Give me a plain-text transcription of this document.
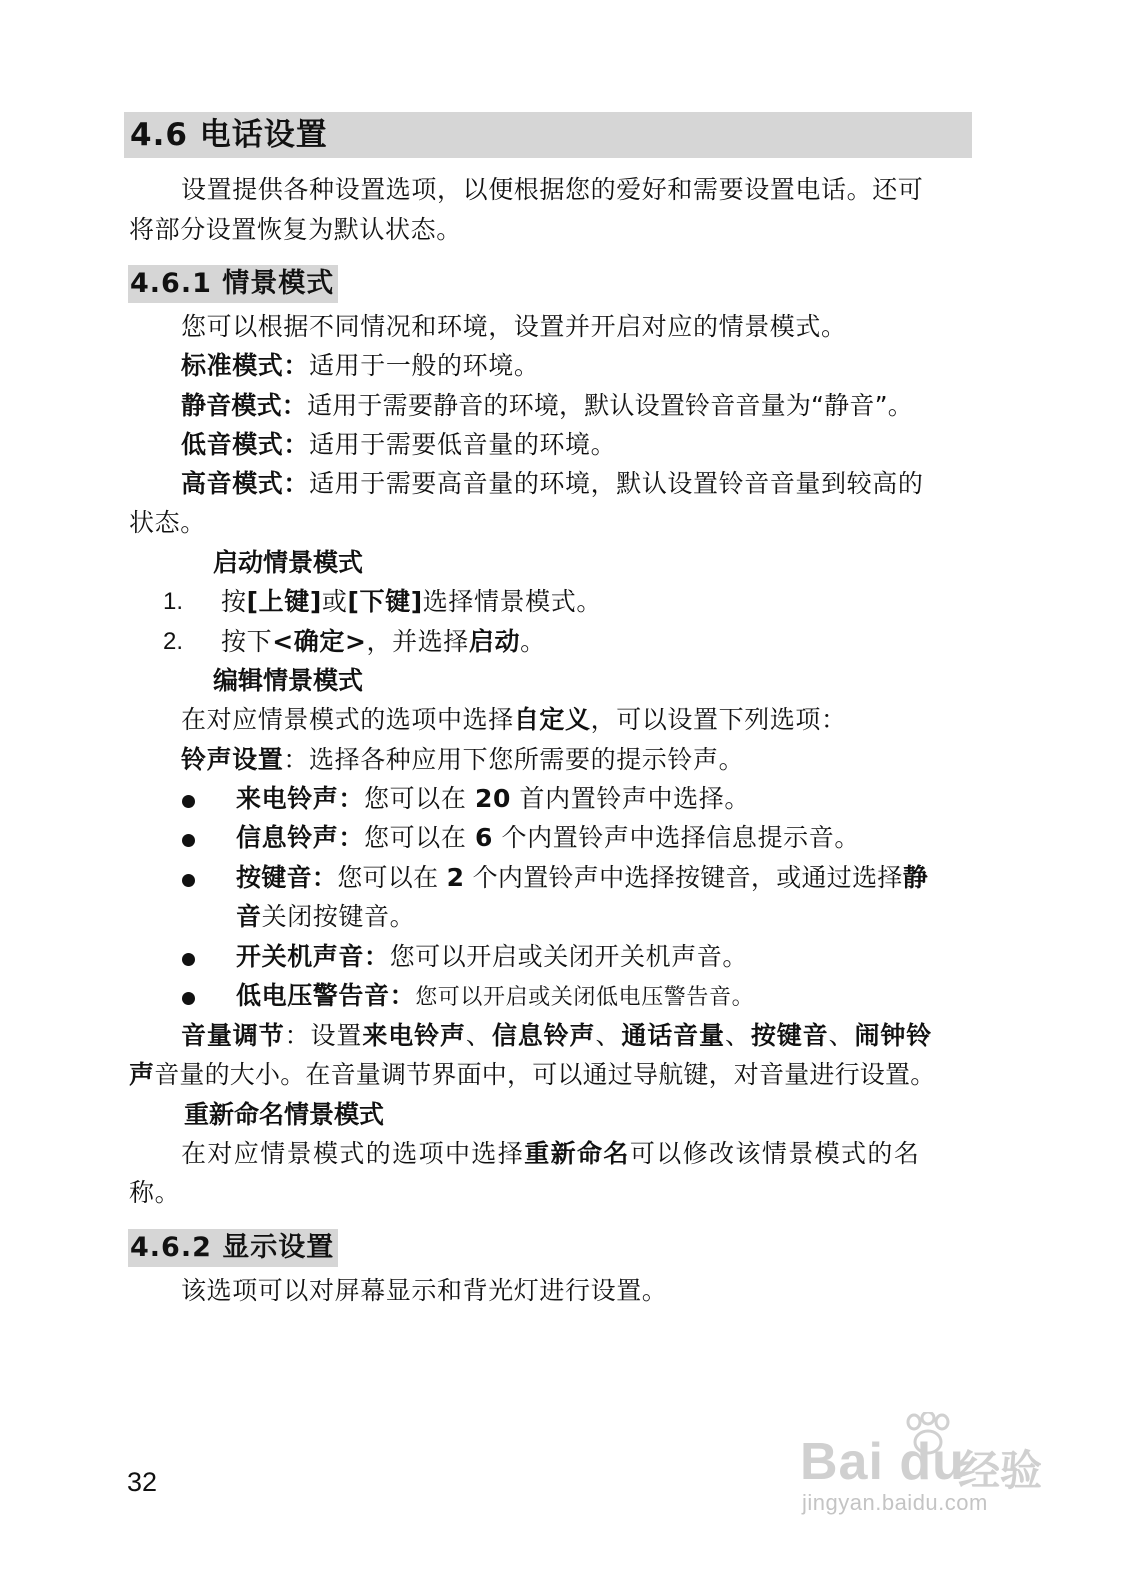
4.6 电话设置
设置提供各种设置选项，以便根据您的爱好和需要设置电话。还可
将部分设置恢复为默认状态。
4.6.1 情景模式
您可以根据不同情况和环境，设置并开启对应的情景模式。
标准模式：适用于一般的环境。
静音模式：适用于需要静音的环境，默认设置铃音音量为“静音”。
低音模式：适用于需要低音量的环境。
高音模式：适用于需要高音量的环境，默认设置铃音音量到较高的
状态。
启动情景模式
1. 按[上键]或[下键]选择情景模式。
2. 按下<确定>，并选择启动。
编辑情景模式
在对应情景模式的选项中选择自定义，可以设置下列选项：
铃声设置：选择各种应用下您所需要的提示铃声。
来电铃声：您可以在 20 首内置铃声中选择。
信息铃声：您可以在 6 个内置铃声中选择信息提示音。
按键音：您可以在 2 个内置铃声中选择按键音，或通过选择静
音关闭按键音。
开关机声音：您可以开启或关闭开关机声音。
低电压警告音：您可以开启或关闭低电压警告音。
音量调节：设置来电铃声、信息铃声、通话音量、按键音、闹钟铃
声音量的大小。在音量调节界面中，可以通过导航键，对音量进行设置。
重新命名情景模式
在对应情景模式的选项中选择重新命名可以修改该情景模式的名
称。
4.6.2 显示设置
该选项可以对屏幕显示和背光灯进行设置。
32	Bai du
经验
jingyan.baidu.com
